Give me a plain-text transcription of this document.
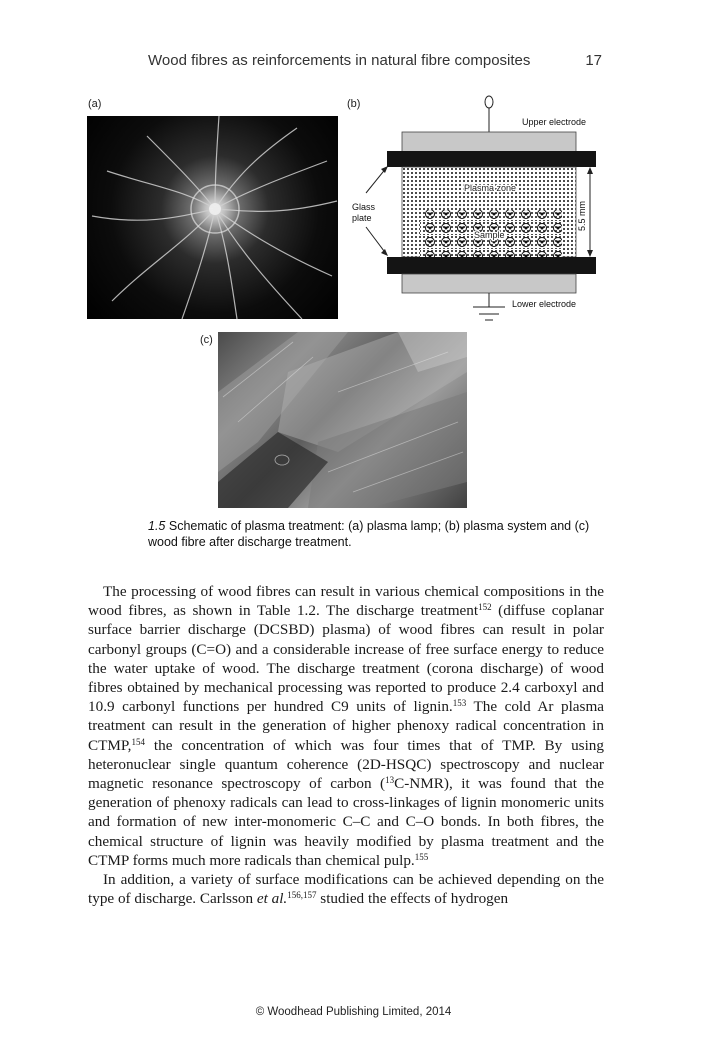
Wood fibres as reinforcements in natural fibre composites	17
(a)	(b)
(c)
Upper electrode
Lower electrode
Glass
plate
Plasma zone
Sample
5.5 mm
1.5 Schematic of plasma treatment: (a) plasma lamp; (b) plasma system and (c) wood fibre after discharge treatment.

The processing of wood fibres can result in various chemical compositions in the wood fibres, as shown in Table 1.2. The discharge treatment$^{152}$ (diffuse coplanar surface barrier discharge (DCSBD) plasma) of wood fibres can result in polar carbonyl groups (C=O) and a considerable increase of free surface energy to reduce the water uptake of wood. The discharge treatment (corona discharge) of wood fibres obtained by mechanical processing was reported to produce 2.4 carboxyl and 10.9 carbonyl functions per hundred C9 units of lignin.$^{153}$ The cold Ar plasma treatment can result in the generation of higher phenoxy radical concentration in CTMP,$^{154}$ the concentration of which was four times that of TMP. By using heteronuclear single quantum coherence (2D-HSQC) spectroscopy and nuclear magnetic resonance spectroscopy of carbon ($^{13}$C-NMR), it was found that the generation of phenoxy radicals can lead to cross-linkages of lignin monomeric units and formation of new inter-monomeric C–C and C–O bonds. In both fibres, the chemical structure of lignin was heavily modified by plasma treatment and the CTMP forms much more radicals than chemical pulp.$^{155}$

In addition, a variety of surface modifications can be achieved depending on the type of discharge. Carlsson et al.$^{156,157}$ studied the effects of hydrogen

© Woodhead Publishing Limited, 2014
